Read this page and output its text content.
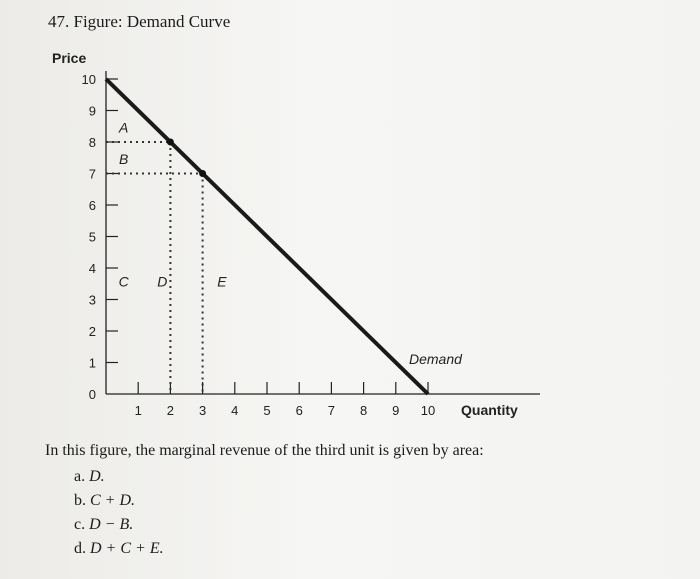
47. Figure: Demand Curve
0
1
2
3
4
5
6
7
8
9
10
1 2 3 4 5 6 7 8 9 10
Price
Quantity
Demand
A
B
C D	E
In this figure, the marginal revenue of the third unit is given by area:
a. D.
b. C + D.
c. D − B.
d. D + C + E.
